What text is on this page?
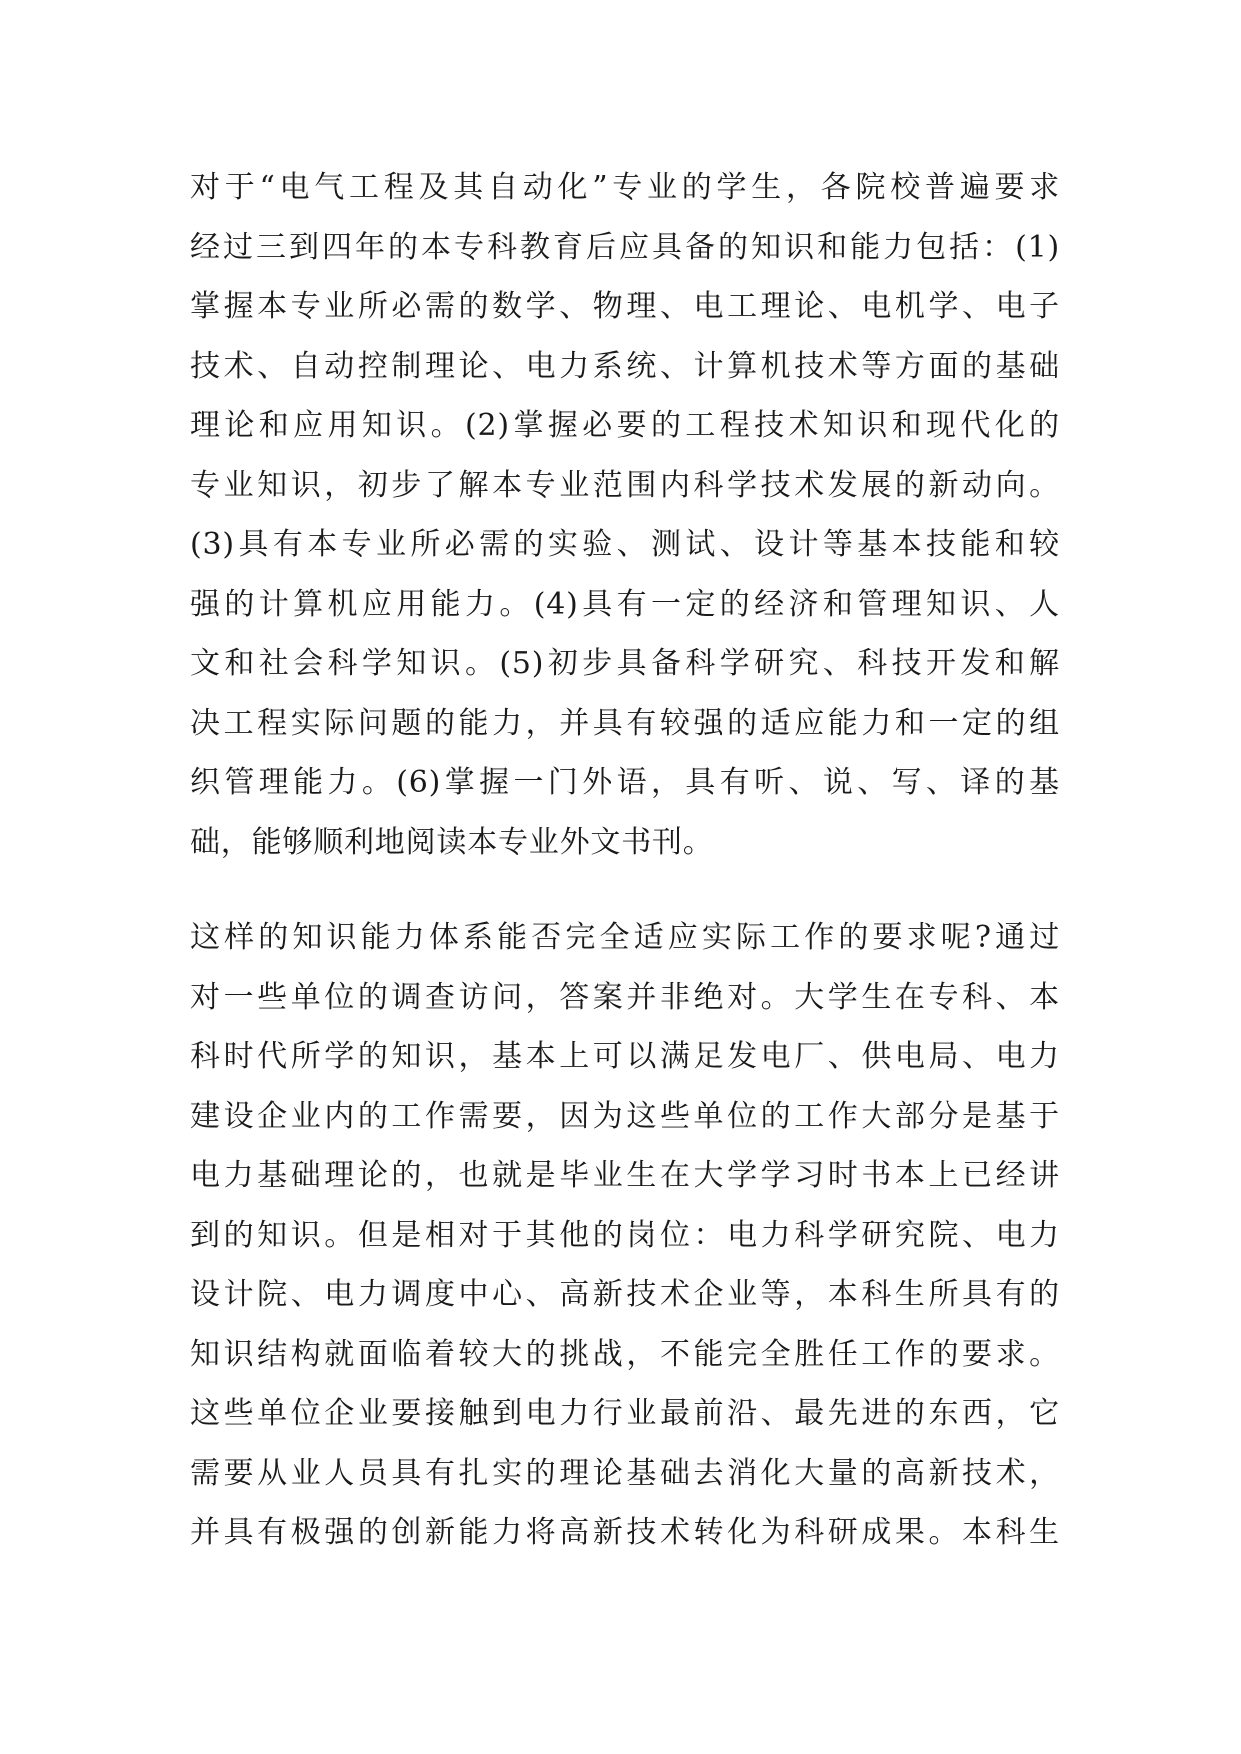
对于“电气工程及其自动化”专业的学生，各院校普遍要求
经过三到四年的本专科教育后应具备的知识和能力包括：(1)
掌握本专业所必需的数学、物理、电工理论、电机学、电子
技术、自动控制理论、电力系统、计算机技术等方面的基础
理论和应用知识。(2)掌握必要的工程技术知识和现代化的
专业知识，初步了解本专业范围内科学技术发展的新动向。
(3)具有本专业所必需的实验、测试、设计等基本技能和较
强的计算机应用能力。(4)具有一定的经济和管理知识、人
文和社会科学知识。(5)初步具备科学研究、科技开发和解
决工程实际问题的能力，并具有较强的适应能力和一定的组
织管理能力。(6)掌握一门外语，具有听、说、写、译的基
础，能够顺利地阅读本专业外文书刊。
这样的知识能力体系能否完全适应实际工作的要求呢?通过
对一些单位的调查访问，答案并非绝对。大学生在专科、本
科时代所学的知识，基本上可以满足发电厂、供电局、电力
建设企业内的工作需要，因为这些单位的工作大部分是基于
电力基础理论的，也就是毕业生在大学学习时书本上已经讲
到的知识。但是相对于其他的岗位：电力科学研究院、电力
设计院、电力调度中心、高新技术企业等，本科生所具有的
知识结构就面临着较大的挑战，不能完全胜任工作的要求。
这些单位企业要接触到电力行业最前沿、最先进的东西，它
需要从业人员具有扎实的理论基础去消化大量的高新技术，
并具有极强的创新能力将高新技术转化为科研成果。本科生
